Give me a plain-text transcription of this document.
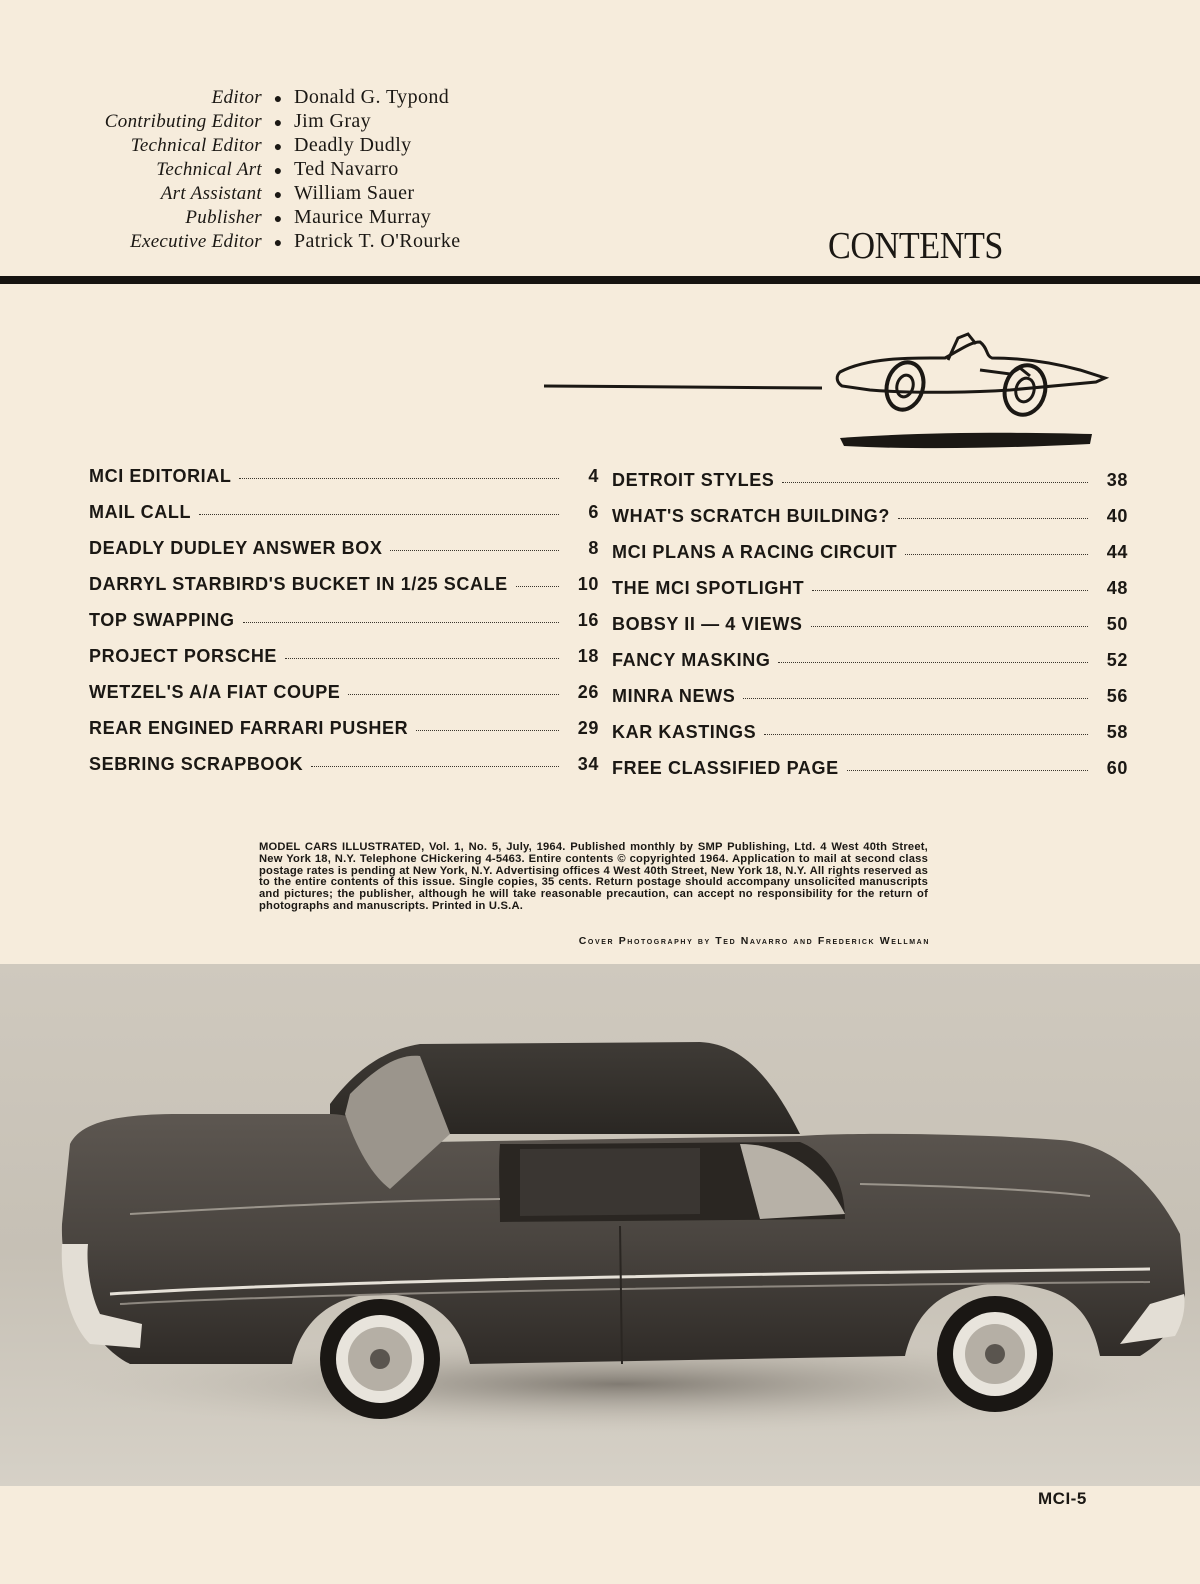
Editor ● Donald G. Typond
Contributing Editor ● Jim Gray
Technical Editor ● Deadly Dudly
Technical Art ● Ted Navarro
Art Assistant ● William Sauer
Publisher ● Maurice Murray
Executive Editor ● Patrick T. O'Rourke	CONTENTS
MCI EDITORIAL	4
MAIL CALL	6
DEADLY DUDLEY ANSWER BOX	8
DARRYL STARBIRD'S BUCKET IN 1/25 SCALE	10
TOP SWAPPING	16
PROJECT PORSCHE	18
WETZEL'S A/A FIAT COUPE	26
REAR ENGINED FARRARI PUSHER	29
SEBRING SCRAPBOOK	34
DETROIT STYLES	38
WHAT'S SCRATCH BUILDING?	40
MCI PLANS A RACING CIRCUIT	44
THE MCI SPOTLIGHT	48
BOBSY II — 4 VIEWS	50
FANCY MASKING	52
MINRA NEWS	56
KAR KASTINGS	58
FREE CLASSIFIED PAGE	60
MODEL CARS ILLUSTRATED, Vol. 1, No. 5, July, 1964. Published monthly by SMP Publishing, Ltd. 4 West 40th Street, New York 18, N.Y. Telephone CHickering 4-5463. Entire contents © copyrighted 1964. Application to mail at second class postage rates is pending at New York, N.Y. Advertising offices 4 West 40th Street, New York 18, N.Y. All rights reserved as to the entire contents of this issue. Single copies, 35 cents. Return postage should accompany unsolicited manuscripts and pictures; the publisher, although he will take reasonable precaution, can accept no responsibility for the return of photographs and manuscripts. Printed in U.S.A.
Cover Photography by Ted Navarro and Frederick Wellman
MCI-5
